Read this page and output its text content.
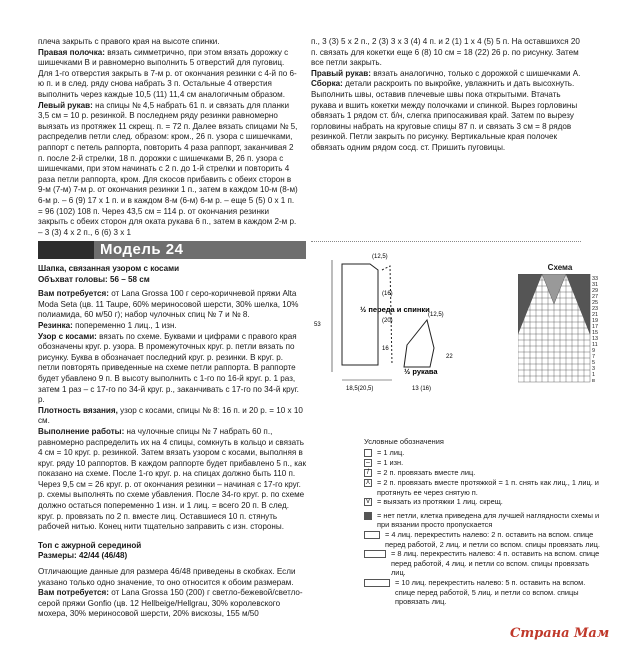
плеча закрыть с правого края на высоте спинки.

Правая полочка: вязать симметрично, при этом вязать дорожку с шишечками В и равномерно выполнить 5 отверстий для пуговиц. Для 1-го отверстия закрыть в 7-м р. от окончания резинки с 4-й по 6-ю п. и в след. ряду снова набрать 3 п. Остальные 4 отверстия выполнить через каждые 10,5 (11) 11,4 см аналогичным образом.

Левый рукав: на спицы № 4,5 набрать 61 п. и связать для планки 3,5 см = 10 р. резинкой. В последнем ряду резинки равномерно выязать из протяжек 11 скрещ. п. = 72 п. Далее вязать спицами № 5, распределив петли след. образом: кром., 26 п. узора с шишечками, раппорт с петель раппорта, повторить 4 раза раппорт, заканчивая 2 п. после 2-й стрелки, 18 п. дорожки с шишечками В, 26 п. узора с шишечками, при этом начинать с 2 п. до 1-й стрелки и повторить 4 раза петли раппорта, кром. Для скосов прибавить с обеих сторон в 9-м (7-м) 7-м р. от окончания резинки 1 п., затем в каждом 10-м (8-м) 6-м р. – 6 (9) 17 х 1 п. и в каждом 8-м (6-м) 6-м р. – еще 5 (5) 0 х 1 п. = 96 (102) 108 п. Через 43,5 см = 114 р. от окончания резинки закрыть с обеих сторон для оката рукава 6 п., затем в каждом 2-м р. – 3 (3) 4 х 2 п., 6 (6) 3 х 1

п., 3 (3) 5 х 2 п., 2 (3) 3 х 3 (4) 4 п. и 2 (1) 1 х 4 (5) 5 п. На оставшихся 20 п. связать для кокетки еще 6 (8) 10 см = 18 (22) 26 р. по рисунку. Затем все петли закрыть.

Правый рукав: вязать аналогично, только с дорожкой с шишечками А.

Сборка: детали раскроить по выкройке, увлажнить и дать высохнуть. Выполнить швы, оставив плечевые швы пока открытыми. Втачать рукава и вшить кокетки между полочками и спинкой. Вырез горловины обвязать 1 рядом ст. б/н, слегка припосаживая край. Затем по вырезу горловины набрать на круговые спицы 87 п. и связать 3 см = 8 рядов резинкой. Петли закрыть по рисунку. Вертикальные края полочек обвязать одним рядом сосд. ст. Пришить пуговицы.

Модель 24

Шапка, связанная узором с косами

Объхват головы: 56 – 58 см

Вам потребуется: от Lana Grossa 100 г серо-коричневой пряжи Alta Moda Seta (цв. 11 Taupe, 60% мериносовой шерсти, 30% шелка, 10% полиамида, 60 м/50 г); набор чулочных спиц № 7 и № 8.

Резинка: попеременно 1 лиц., 1 изн.

Узор с косами: вязать по схеме. Буквами и цифрами с правого края обозначены круг. р. узора. В промежуточных круг. р. петли вязать по рисунку. Буква в обозначает последний круг. р. резинки. В круг. р. петли повторять приведенные на схеме петли раппорта. В раппорте будет убавлено 9 п. В высоту выполнить с 1-го по 16-й круг. р. 1 раз, затем 1 раз – с 17-го по 34-й круг. р., заканчивать с 17-го по 34-й круг. р.

Плотность вязания, узор с косами, спицы № 8: 16 п. и 20 р. = 10 х 10 см.

Выполнение работы: на чулочные спицы № 7 набрать 60 п., равномерно распределить их на 4 спицы, сомкнуть в кольцо и связать 4 см = 10 круг. р. резинкой. Затем вязать узором с косами, выполняя в круг. ряду 10 раппортов. В каждом раппорте будет прибавлено 5 п., как показано на схеме. После 1-го круг. р. на спицах должно быть 110 п. Через 9,5 см = 26 круг. р. от окончания резинки – начиная с 17-го круг. р. схемы выполнять по схеме убавления. После 34-го круг. р. по схеме должно остаться попеременно 1 изн. и 1 лиц. = всего 20 п. В след. круг. р. провязать по 2 п. вместе лиц. Оставшиеся 10 п. стянуть рабочей нитью. Конец нити тщательно заправить с изн. стороны.

Топ с ажурной серединой

Размеры: 42/44 (46/48)

Отличающие данные для размера 46/48 приведены в скобках. Если указано только одно значение, то оно относится к обоим размерам.

Вам потребуется: от Lana Grossa 150 (200) г светло-бежевой/светло-серой пряжи Gonfio (цв. 12 Hellbeige/Hellgrau, 30% королевского мохера, 30% мериносовой шерсти, 20% вискозы, 155 м/50

½ переда и спинки
½ рукава
(12,5)
53
(16)
(20)
16
18,5(20,5)
(12,5)
22
13 (16)
Схема
33
31
29
27
25
23
21
19
17
15
13
11
9
7
5
3
1
в
Условные обозначения
= 1 лиц.
– = 1 изн.
/	= 2 п. провязать вместе лиц.
⋏ = 2 п. провязать вместе протяжкой = 1 п. снять как лиц., 1 лиц. и протянуть ее через снятую п.
v = выязать из протяжки 1 лиц. скрещ.
= нет петли, клетка приведена для лучшей наглядности схемы и при вязании просто пропускается
= 4 лиц. перекрестить налево: 2 п. оставить на вспом. спице перед работой, 2 лиц. и петли со вспом. спицы провязать лиц.
= 8 лиц. перекрестить налево: 4 п. оставить на вспом. спице перед работой, 4 лиц. и петли со вспом. спицы провязать лиц.
= 10 лиц. перекрестить налево: 5 п. оставить на вспом. спице перед работой, 5 лиц. и петли со вспом. спицы провязать лиц.
Страна Мам
